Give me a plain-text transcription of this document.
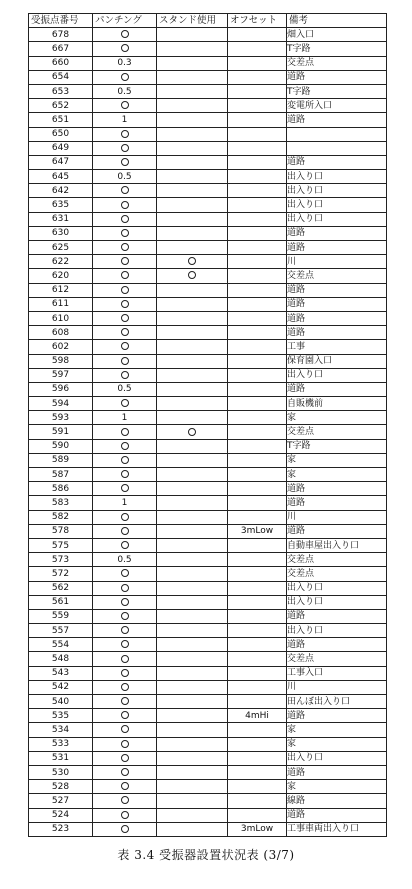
受振点番号	パンチング	スタンド使用	オフセット	備考
678				畑入口
667				T字路
660	0.3			交差点
654				道路
653	0.5			T字路
652				変電所入口
651	1			道路
650				
649				
647				道路
645	0.5			出入り口
642				出入り口
635				出入り口
631				出入り口
630				道路
625				道路
622				川
620				交差点
612				道路
611				道路
610				道路
608				道路
602				工事
598				保育園入口
597				出入り口
596	0.5			道路
594				自販機前
593	1			家
591				交差点
590				T字路
589				家
587				家
586				道路
583	1			道路
582				川
578			3mLow	道路
575				自動車屋出入り口
573	0.5			交差点
572				交差点
562				出入り口
561				出入り口
559				道路
557				出入り口
554				道路
548				交差点
543				工事入口
542				川
540				田んぼ出入り口
535			4mHi	道路
534				家
533				家
531				出入り口
530				道路
528				家
527				線路
524				道路
523			3mLow	工事車両出入り口
表 3.4 受振器設置状況表 (3/7)
